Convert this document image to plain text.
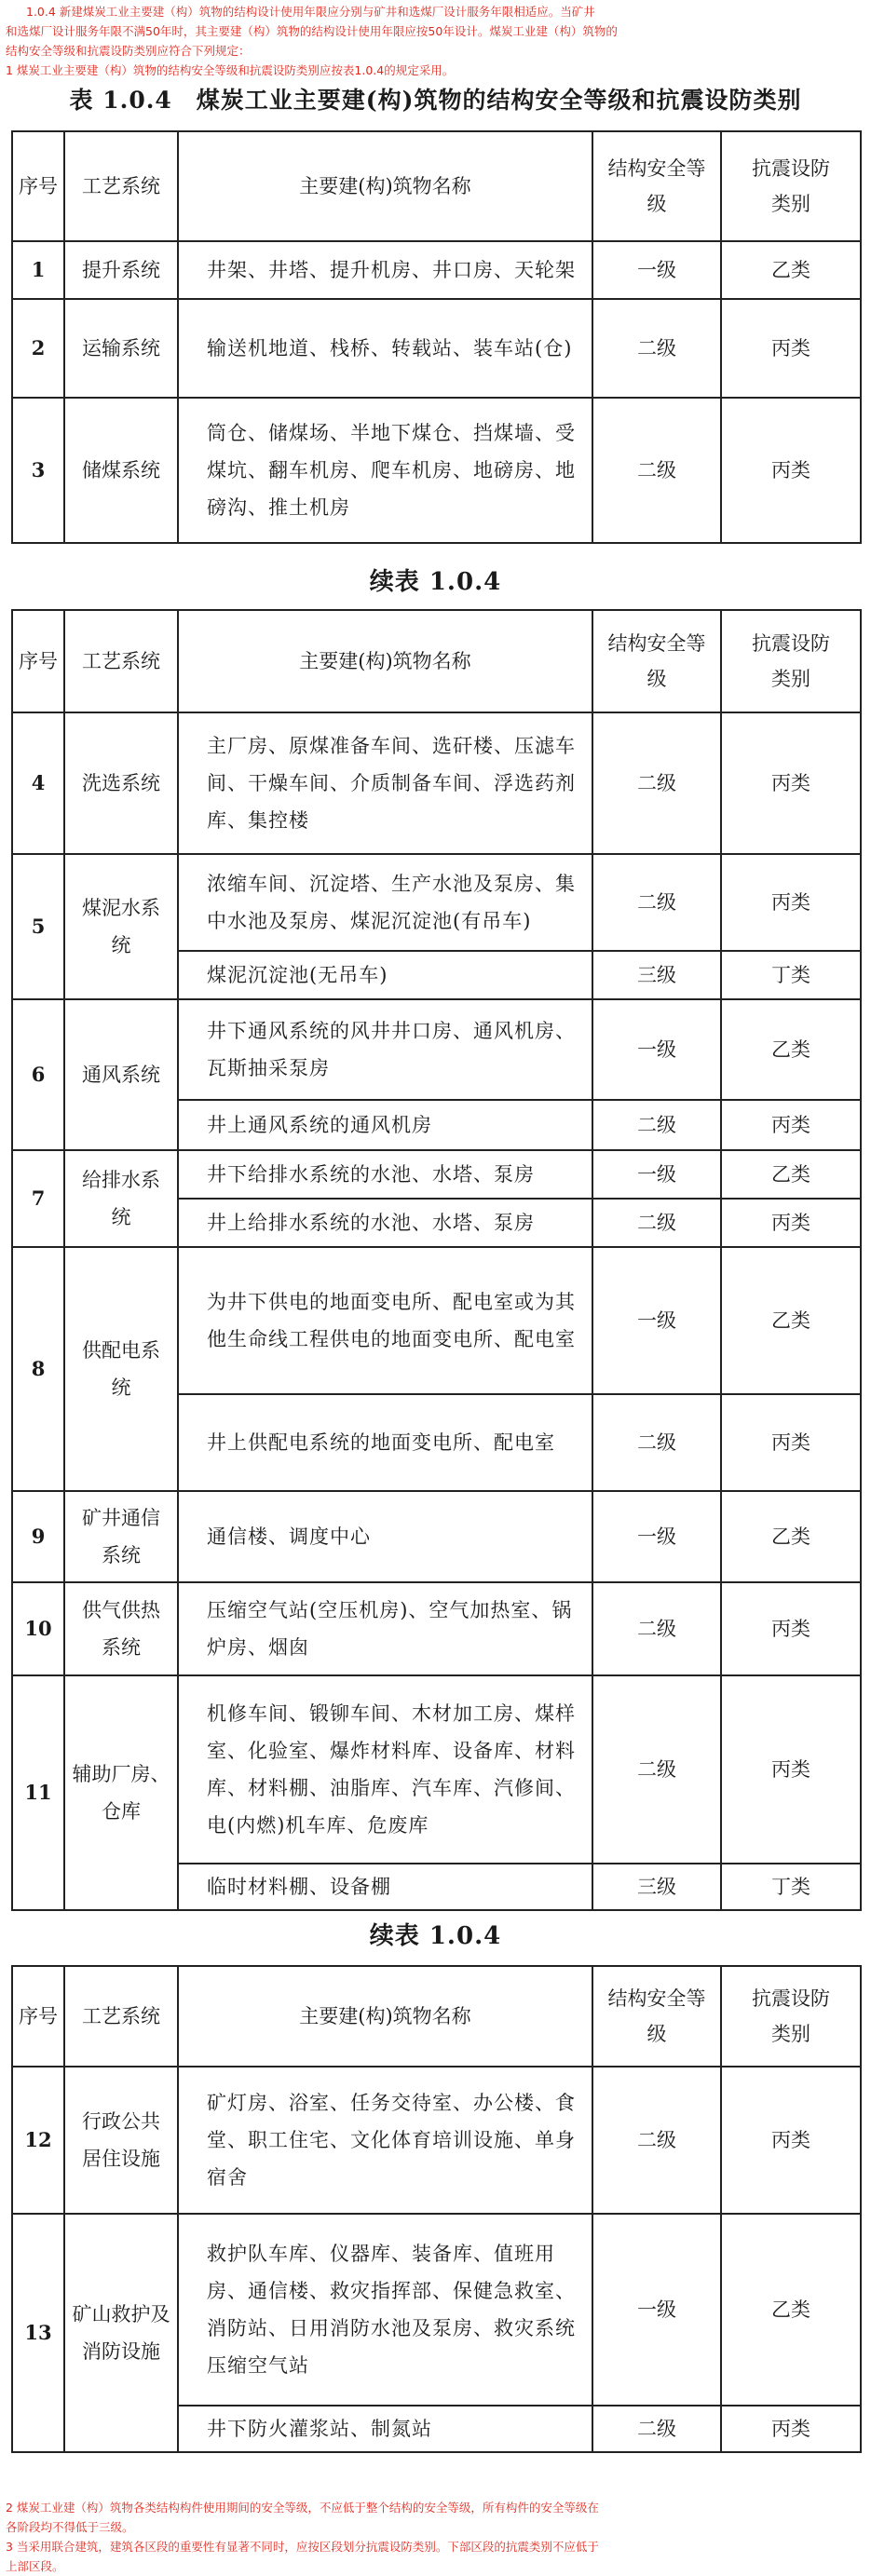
1.0.4 新建煤炭工业主要建（构）筑物的结构设计使用年限应分别与矿井和选煤厂设计服务年限相适应。当矿井
和选煤厂设计服务年限不满50年时，其主要建（构）筑物的结构设计使用年限应按50年设计。煤炭工业建（构）筑物的
结构安全等级和抗震设防类别应符合下列规定：
1 煤炭工业主要建（构）筑物的结构安全等级和抗震设防类别应按表1.0.4的规定采用。
表 1.0.4　煤炭工业主要建(构)筑物的结构安全等级和抗震设防类别
序号	工艺系统	主要建(构)筑物名称	结构安全等级	抗震设防类别
1	提升系统	井架、井塔、提升机房、井口房、天轮架	一级	乙类
2	运输系统	输送机地道、栈桥、转载站、装车站(仓)	二级	丙类
3	储煤系统	筒仓、储煤场、半地下煤仓、挡煤墙、受煤坑、翻车机房、爬车机房、地磅房、地磅沟、推土机房	二级	丙类
续表 1.0.4
序号	工艺系统	主要建(构)筑物名称	结构安全等级	抗震设防类别
4	洗选系统	主厂房、原煤准备车间、选矸楼、压滤车间、干燥车间、介质制备车间、浮选药剂库、集控楼	二级	丙类
5	煤泥水系统	浓缩车间、沉淀塔、生产水池及泵房、集中水池及泵房、煤泥沉淀池(有吊车)	二级	丙类
		煤泥沉淀池(无吊车)	三级	丁类
6	通风系统	井下通风系统的风井井口房、通风机房、瓦斯抽采泵房	一级	乙类
		井上通风系统的通风机房	二级	丙类
7	给排水系统	井下给排水系统的水池、水塔、泵房	一级	乙类
		井上给排水系统的水池、水塔、泵房	二级	丙类
8	供配电系统	为井下供电的地面变电所、配电室或为其他生命线工程供电的地面变电所、配电室	一级	乙类
		井上供配电系统的地面变电所、配电室	二级	丙类
9	矿井通信系统	通信楼、调度中心	一级	乙类
10	供气供热系统	压缩空气站(空压机房)、空气加热室、锅炉房、烟囱	二级	丙类
11	辅助厂房、仓库	机修车间、锻铆车间、木材加工房、煤样室、化验室、爆炸材料库、设备库、材料库、材料棚、油脂库、汽车库、汽修间、电(内燃)机车库、危废库	二级	丙类
		临时材料棚、设备棚	三级	丁类
续表 1.0.4
序号	工艺系统	主要建(构)筑物名称	结构安全等级	抗震设防类别
12	行政公共居住设施	矿灯房、浴室、任务交待室、办公楼、食堂、职工住宅、文化体育培训设施、单身宿舍	二级	丙类
13	矿山救护及消防设施	救护队车库、仪器库、装备库、值班用房、通信楼、救灾指挥部、保健急救室、消防站、日用消防水池及泵房、救灾系统压缩空气站	一级	乙类
		井下防火灌浆站、制氮站	二级	丙类
2 煤炭工业建（构）筑物各类结构构件使用期间的安全等级，不应低于整个结构的安全等级，所有构件的安全等级在
各阶段均不得低于三级。
3 当采用联合建筑，建筑各区段的重要性有显著不同时，应按区段划分抗震设防类别。下部区段的抗震类别不应低于
上部区段。
